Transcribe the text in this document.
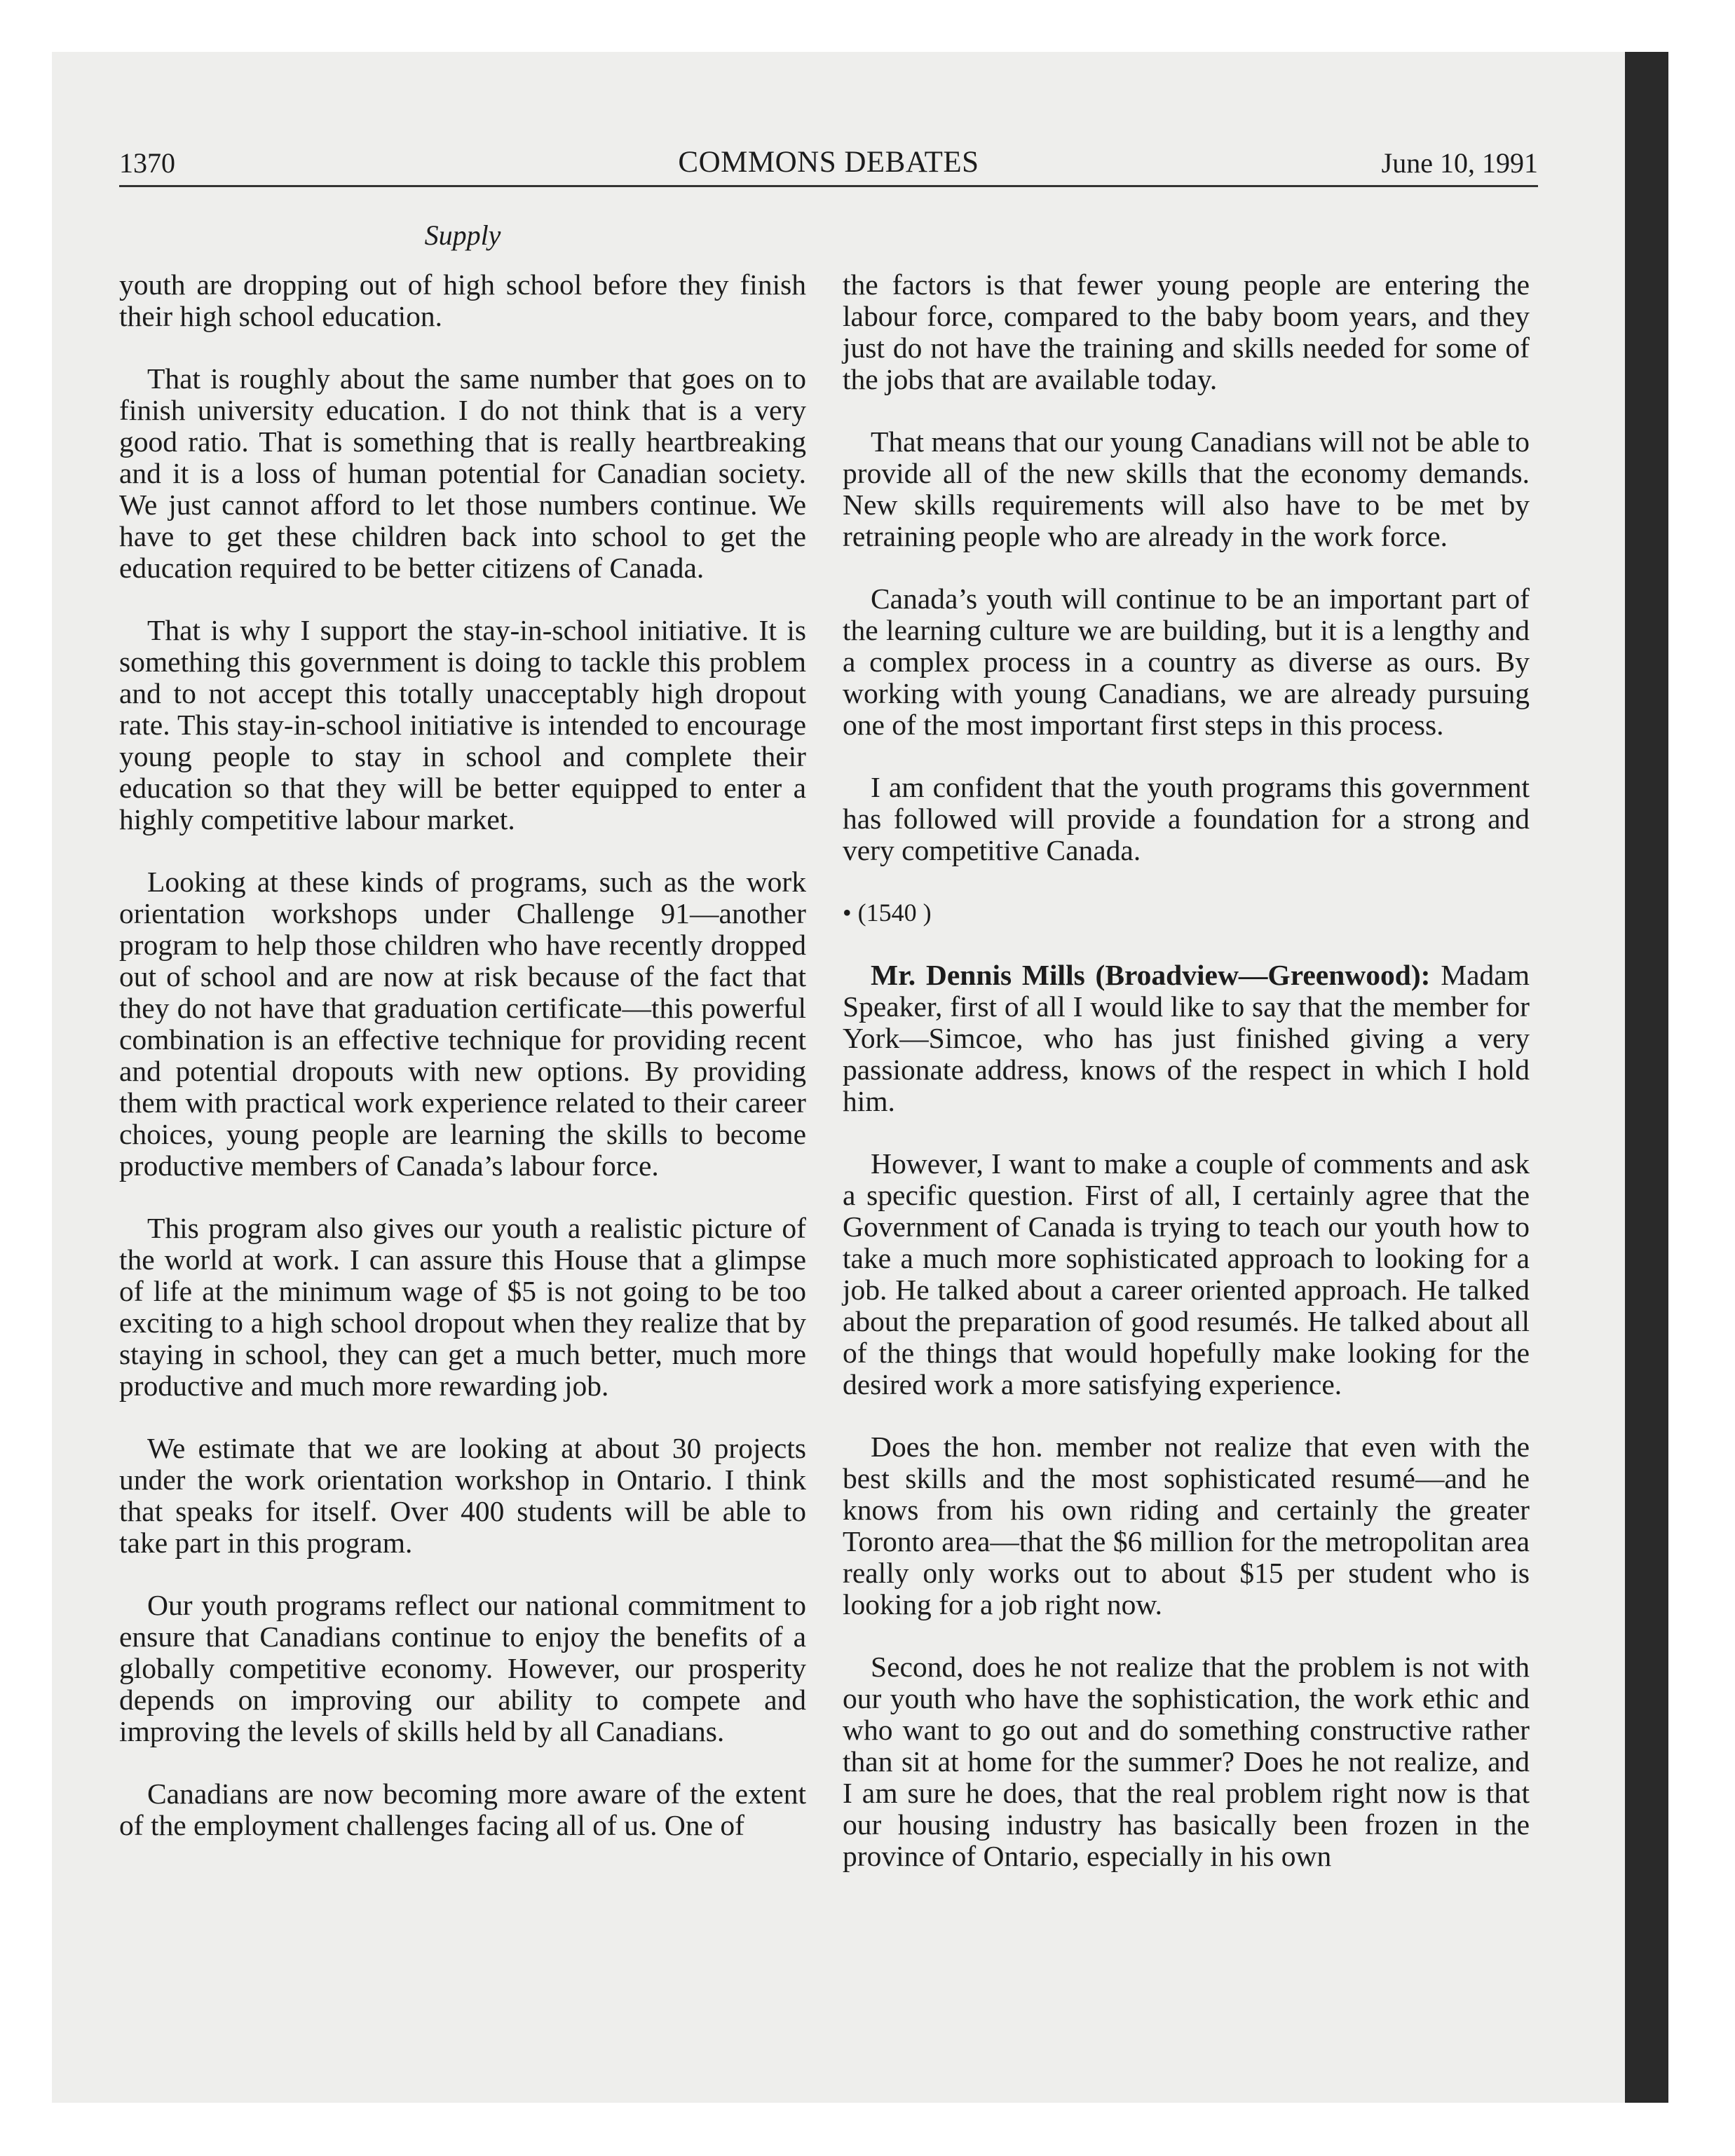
1370	COMMONS DEBATES	June 10, 1991
Supply

youth are dropping out of high school before they finish their high school education.

That is roughly about the same number that goes on to finish university education. I do not think that is a very good ratio. That is something that is really heartbreaking and it is a loss of human potential for Canadian society. We just cannot afford to let those numbers continue. We have to get these children back into school to get the education required to be better citizens of Canada.

That is why I support the stay-in-school initiative. It is something this government is doing to tackle this problem and to not accept this totally unacceptably high dropout rate. This stay-in-school initiative is intended to encourage young people to stay in school and complete their education so that they will be better equipped to enter a highly competitive labour market.

Looking at these kinds of programs, such as the work orientation workshops under Challenge 91—another program to help those children who have recently dropped out of school and are now at risk because of the fact that they do not have that graduation certificate—this powerful combination is an effective technique for providing recent and potential dropouts with new options. By providing them with practical work experience related to their career choices, young people are learning the skills to become productive members of Canada’s labour force.

This program also gives our youth a realistic picture of the world at work. I can assure this House that a glimpse of life at the minimum wage of $5 is not going to be too exciting to a high school dropout when they realize that by staying in school, they can get a much better, much more productive and much more rewarding job.

We estimate that we are looking at about 30 projects under the work orientation workshop in Ontario. I think that speaks for itself. Over 400 students will be able to take part in this program.

Our youth programs reflect our national commitment to ensure that Canadians continue to enjoy the benefits of a globally competitive economy. However, our prosperity depends on improving our ability to compete and improving the levels of skills held by all Canadians.

Canadians are now becoming more aware of the extent of the employment challenges facing all of us. One of

the factors is that fewer young people are entering the labour force, compared to the baby boom years, and they just do not have the training and skills needed for some of the jobs that are available today.

That means that our young Canadians will not be able to provide all of the new skills that the economy demands. New skills requirements will also have to be met by retraining people who are already in the work force.

Canada’s youth will continue to be an important part of the learning culture we are building, but it is a lengthy and a complex process in a country as diverse as ours. By working with young Canadians, we are already pursuing one of the most important first steps in this process.

I am confident that the youth programs this government has followed will provide a foundation for a strong and very competitive Canada.

• (1540 )

Mr. Dennis Mills (Broadview—Greenwood): Madam Speaker, first of all I would like to say that the member for York—Simcoe, who has just finished giving a very passionate address, knows of the respect in which I hold him.

However, I want to make a couple of comments and ask a specific question. First of all, I certainly agree that the Government of Canada is trying to teach our youth how to take a much more sophisticated approach to looking for a job. He talked about a career oriented approach. He talked about the preparation of good resumés. He talked about all of the things that would hopefully make looking for the desired work a more satisfying experience.

Does the hon. member not realize that even with the best skills and the most sophisticated resumé—and he knows from his own riding and certainly the greater Toronto area—that the $6 million for the metropolitan area really only works out to about $15 per student who is looking for a job right now.

Second, does he not realize that the problem is not with our youth who have the sophistication, the work ethic and who want to go out and do something constructive rather than sit at home for the summer? Does he not realize, and I am sure he does, that the real problem right now is that our housing industry has basically been frozen in the province of Ontario, especially in his own
